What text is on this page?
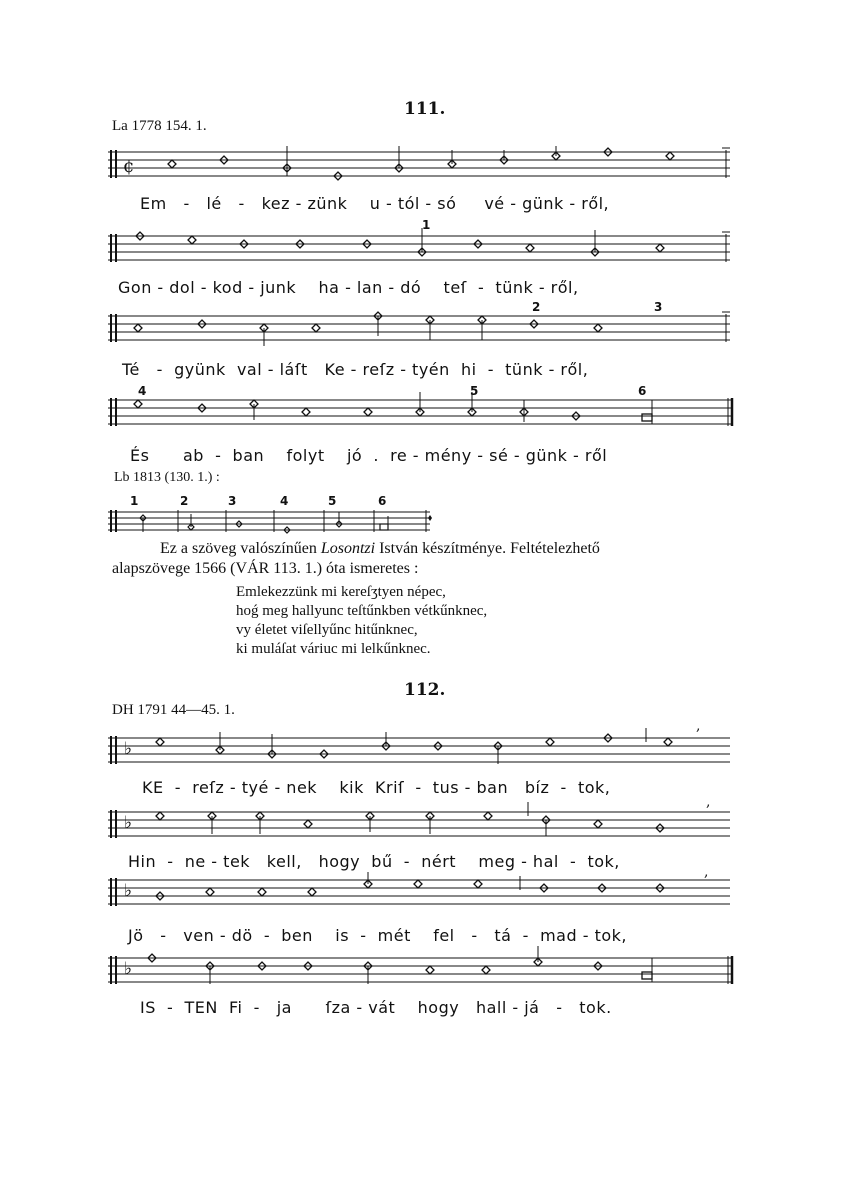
111.
La 1778 154. 1.
¢
Em   -   lé   -   kez - zünk    u - tól - só     vé - günk - ről,
1
Gon - dol - kod - junk    ha - lan - dó    teſ  -  tünk - ről,
2	3
Té   -  gyünk  val - láſt   Ke - reſz - tyén  hi  -  tünk - ről,
4	5	6
És      ab  -  ban    folyt    jó  .  re - mény - sé - günk - ről
Lb 1813 (130. 1.) :
1	2	3	4	5	6
Ez a szöveg valószínűen Losontzi István készítménye. Feltételezhető
alapszövege 1566 (VÁR 113. 1.) óta ismeretes :
Emlekezzünk mi kereſʒtyen népec,
hoǵ meg hallyunc teſtűnkben vétkűnknec,
vy életet viſellyűnc hitűnknec,
ki muláſat váriuc mi lelkűnknec.
112.
DH 1791 44—45. 1.
♭
,
KE  -  reſz - tyé - nek    kik  Kriſ  -  tus - ban   bíz  -  tok,
♭
,
Hin  -  ne - tek   kell,   hogy  bű  -  nért    meg - hal  -  tok,
♭
,
Jö   -   ven - dö  -  ben    is  -  mét    fel   -   tá  -  mad - tok,
♭
IS  -  TEN  Fi  -   ja      ſza - vát    hogy   hall - já   -   tok.
